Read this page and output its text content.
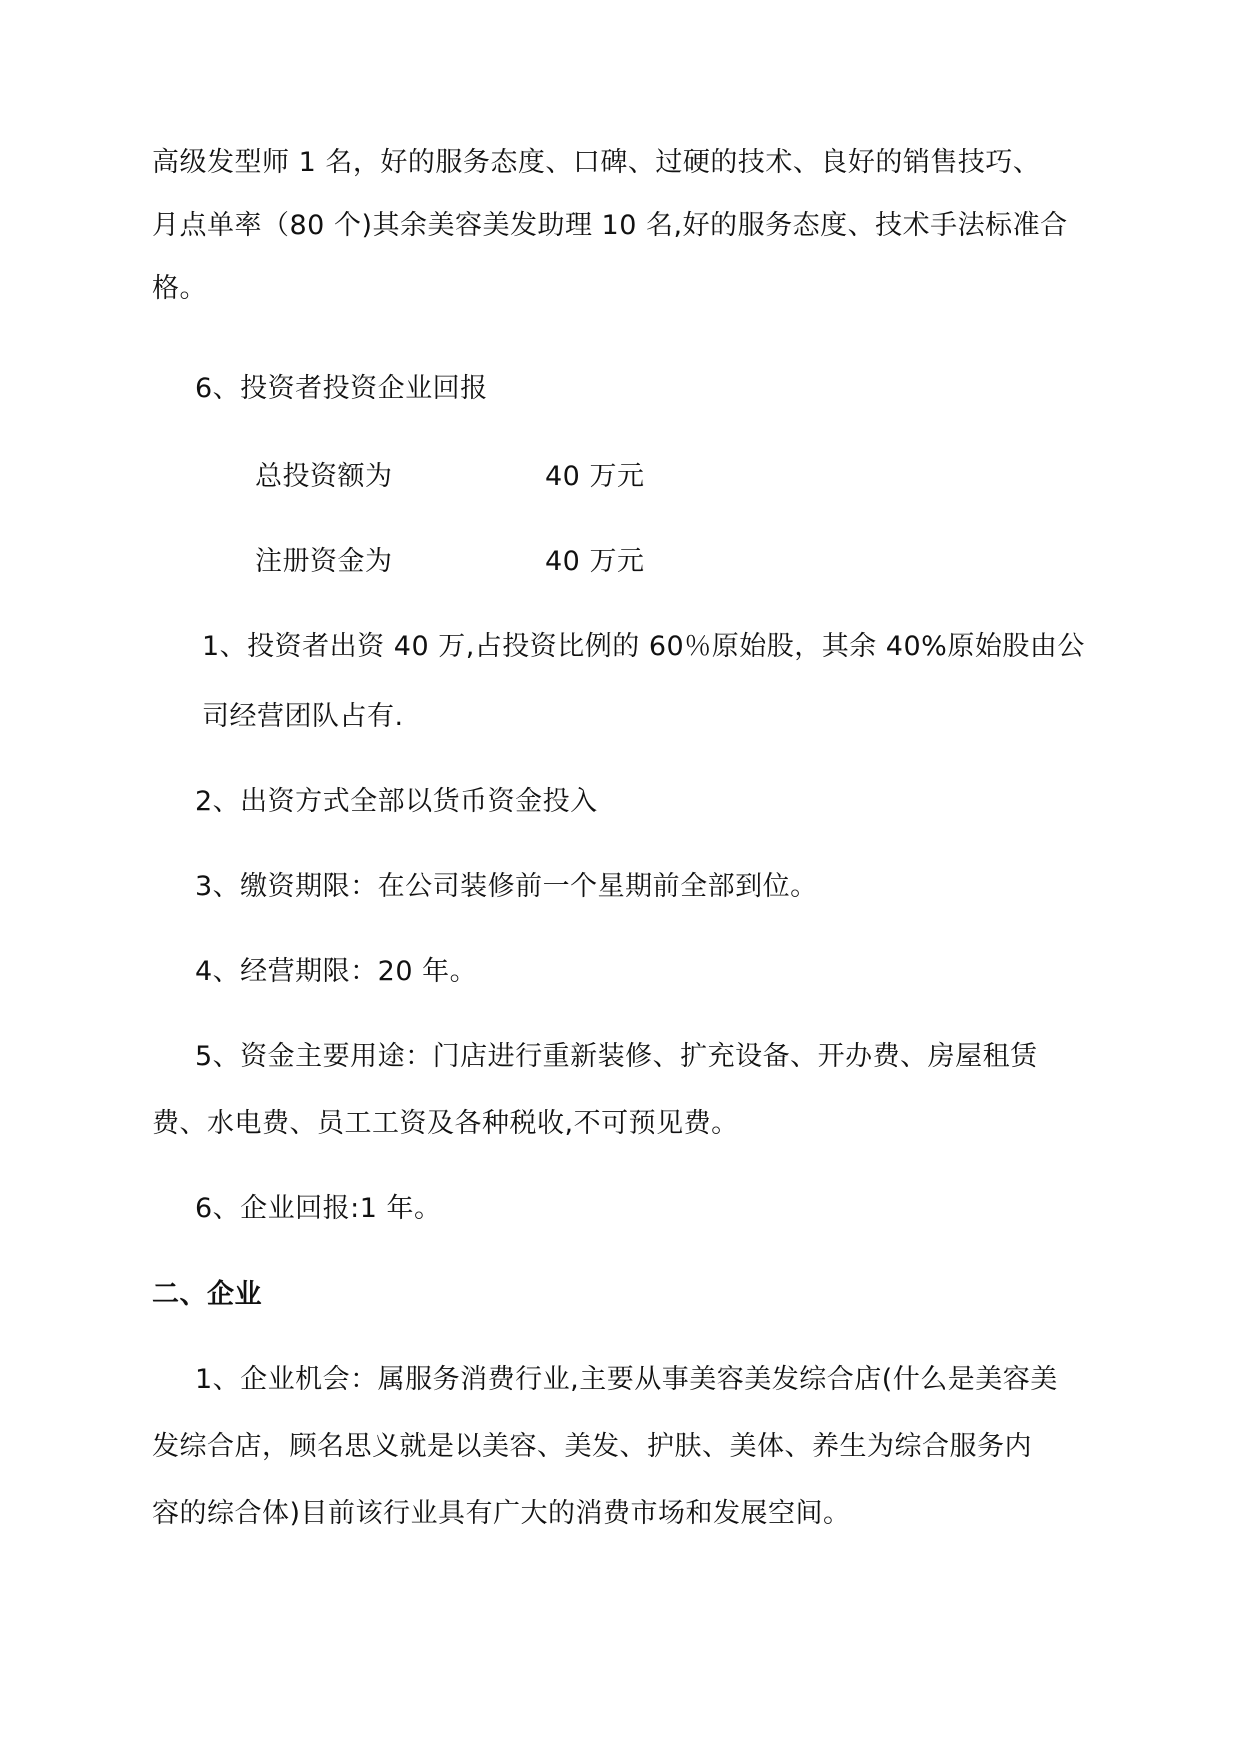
高级发型师 1 名，好的服务态度、口碑、过硬的技术、良好的销售技巧、
月点单率（80 个)其余美容美发助理 10 名,好的服务态度、技术手法标准合
格。
6、投资者投资企业回报
总投资额为	40 万元
注册资金为	40 万元
1、投资者出资 40 万,占投资比例的 60％原始股，其余 40%原始股由公
司经营团队占有.
2、出资方式全部以货币资金投入
3、缴资期限：在公司装修前一个星期前全部到位。
4、经营期限：20 年。
5、资金主要用途：门店进行重新装修、扩充设备、开办费、房屋租赁
费、水电费、员工工资及各种税收,不可预见费。
6、企业回报:1 年。
二、企业
1、企业机会：属服务消费行业,主要从事美容美发综合店(什么是美容美
发综合店，顾名思义就是以美容、美发、护肤、美体、养生为综合服务内
容的综合体)目前该行业具有广大的消费市场和发展空间。
